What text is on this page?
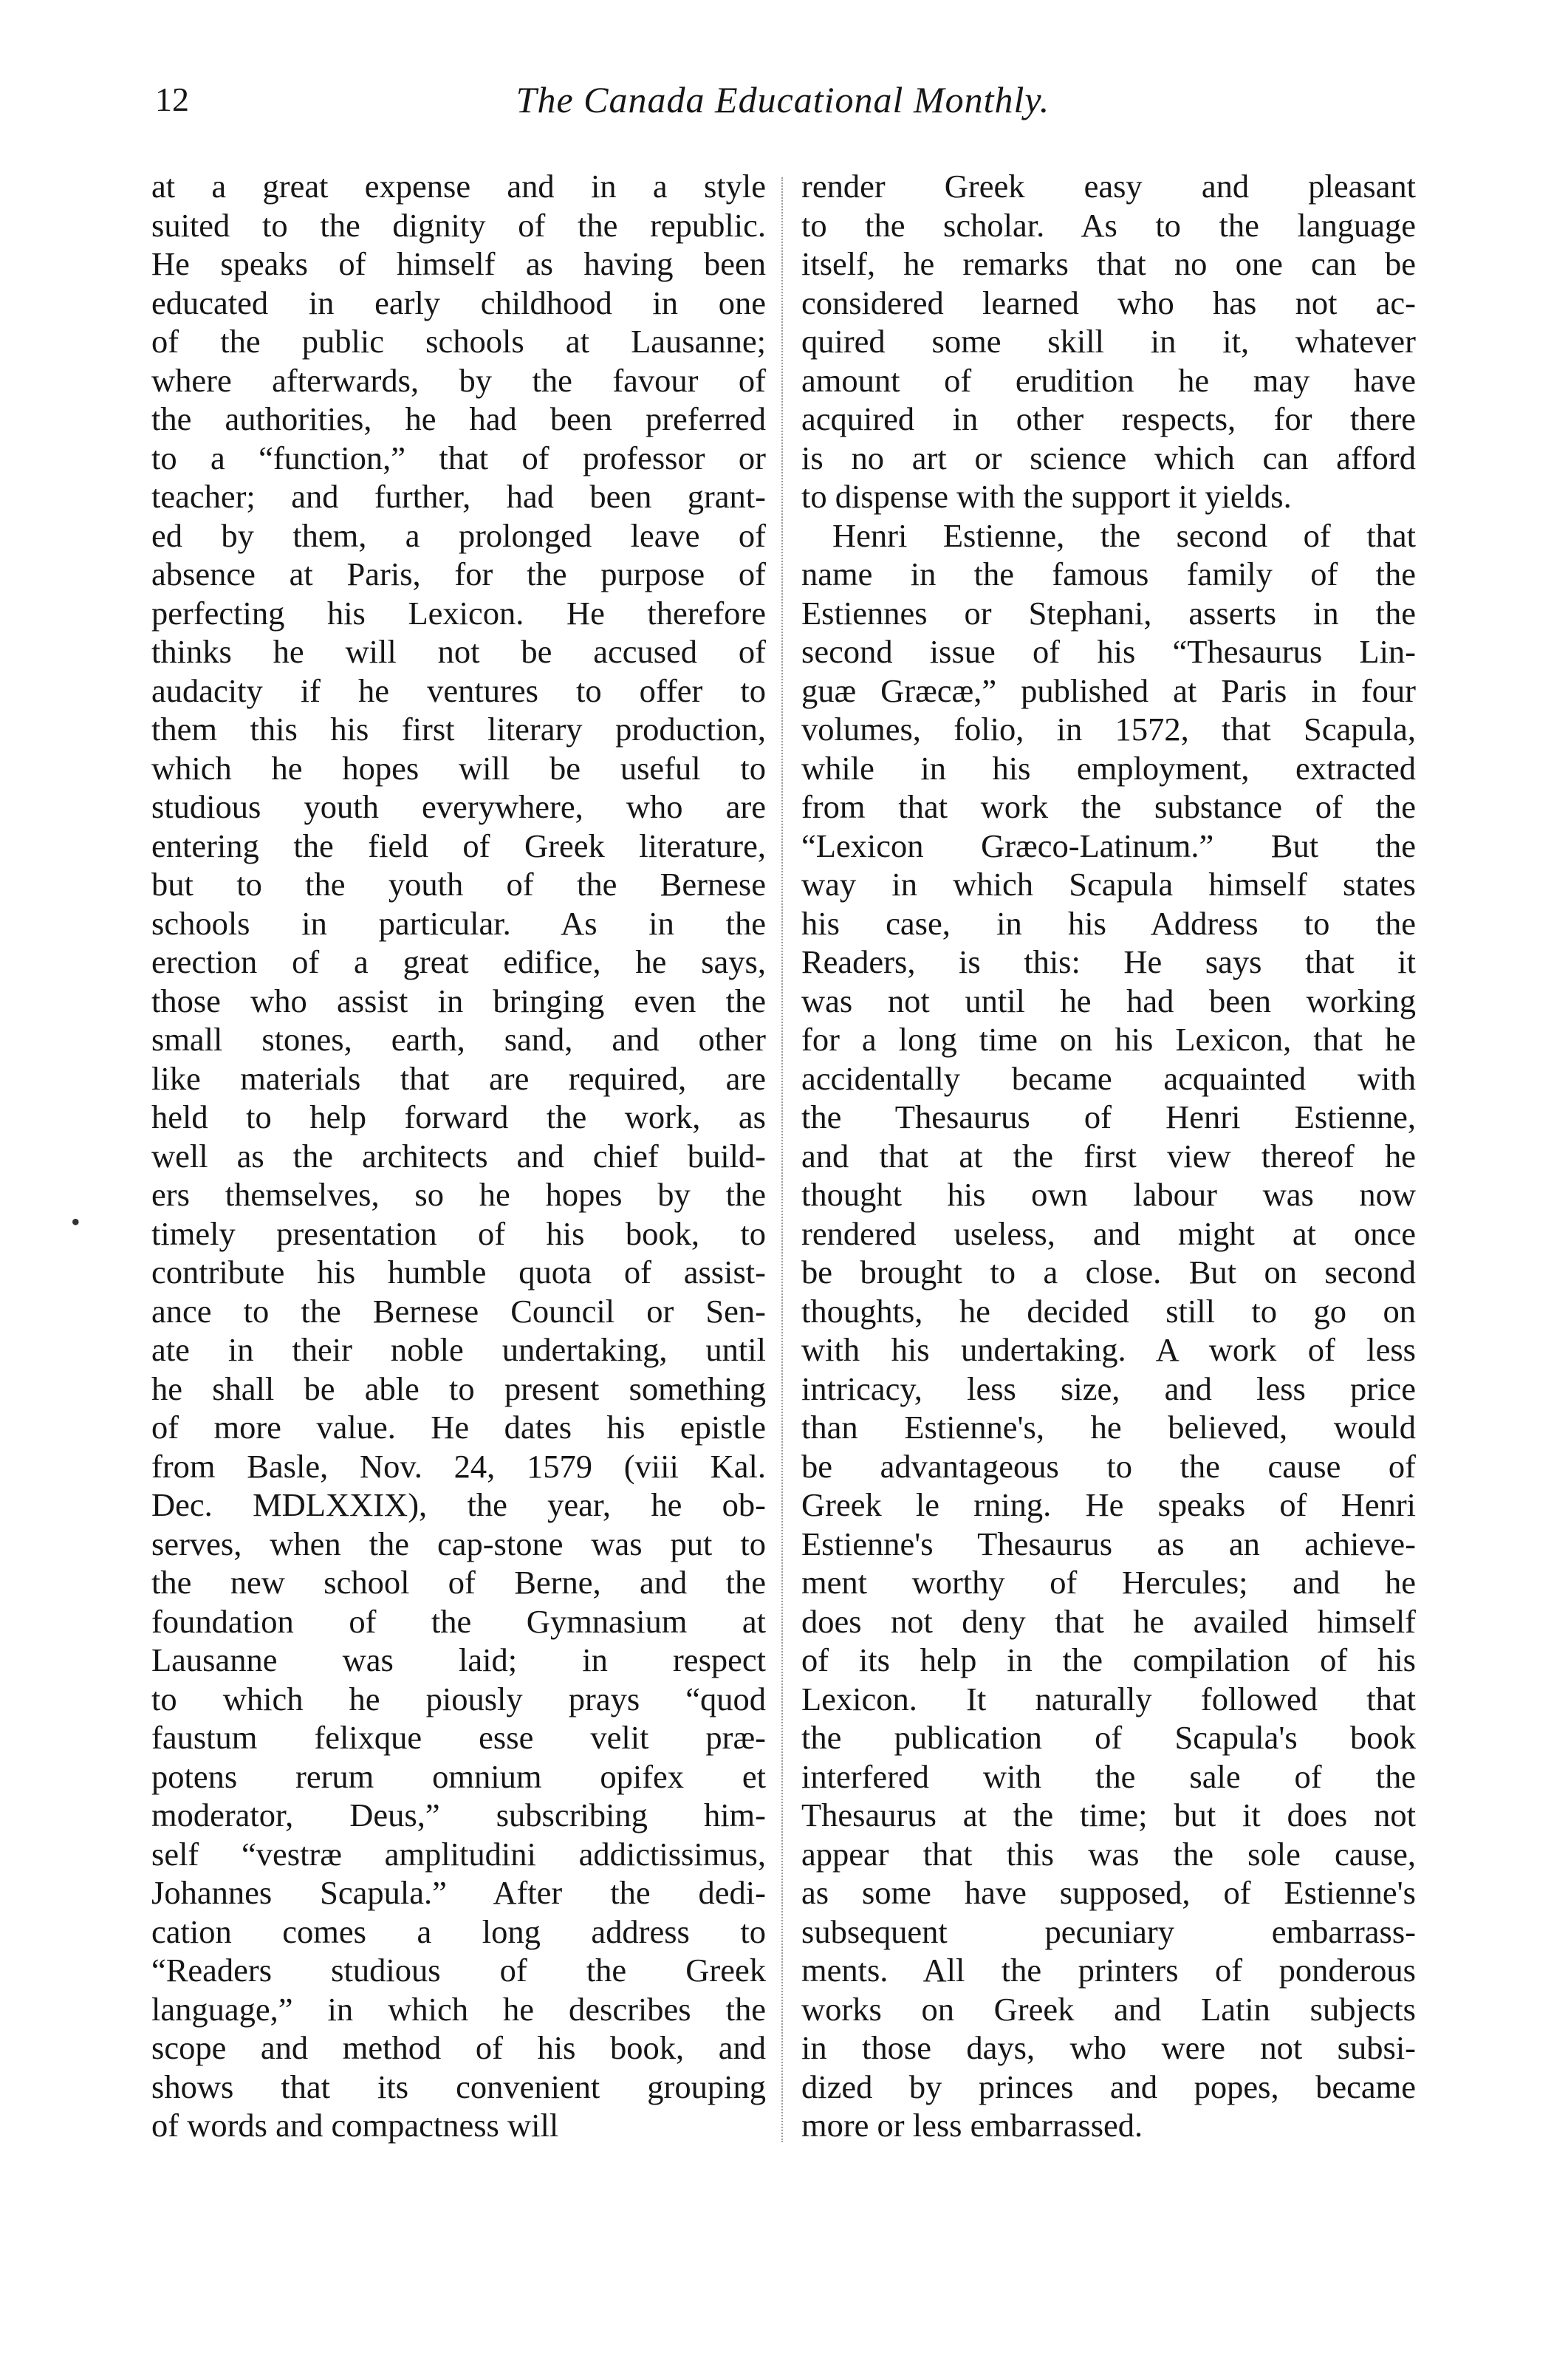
12	The Canada Educational Monthly.
•
at a great expense and in a style
suited to the dignity of the republic.
He speaks of himself as having been
educated in early childhood in one
of the public schools at Lausanne;
where afterwards, by the favour of
the authorities, he had been preferred
to a “function,” that of professor or
teacher; and further, had been grant-
ed by them, a prolonged leave of
absence at Paris, for the purpose of
perfecting his Lexicon. He therefore
thinks he will not be accused of
audacity if he ventures to offer to
them this his first literary production,
which he hopes will be useful to
studious youth everywhere, who are
entering the field of Greek literature,
but to the youth of the Bernese
schools in particular. As in the
erection of a great edifice, he says,
those who assist in bringing even the
small stones, earth, sand, and other
like materials that are required, are
held to help forward the work, as
well as the architects and chief build-
ers themselves, so he hopes by the
timely presentation of his book, to
contribute his humble quota of assist-
ance to the Bernese Council or Sen-
ate in their noble undertaking, until
he shall be able to present something
of more value. He dates his epistle
from Basle, Nov. 24, 1579 (viii Kal.
Dec. MDLXXIX), the year, he ob-
serves, when the cap-stone was put to
the new school of Berne, and the
foundation of the Gymnasium at
Lausanne was laid; in respect
to which he piously prays “quod
faustum felixque esse velit præ-
potens rerum omnium opifex et
moderator, Deus,” subscribing him-
self “vestræ amplitudini addictissimus,
Johannes Scapula.” After the dedi-
cation comes a long address to
“Readers studious of the Greek
language,” in which he describes the
scope and method of his book, and
shows that its convenient grouping
of words and compactness will
render Greek easy and pleasant
to the scholar. As to the language
itself, he remarks that no one can be
considered learned who has not ac-
quired some skill in it, whatever
amount of erudition he may have
acquired in other respects, for there
is no art or science which can afford
to dispense with the support it yields.
Henri Estienne, the second of that
name in the famous family of the
Estiennes or Stephani, asserts in the
second issue of his “Thesaurus Lin-
guæ Græcæ,” published at Paris in four
volumes, folio, in 1572, that Scapula,
while in his employment, extracted
from that work the substance of the
“Lexicon Græco-Latinum.” But the
way in which Scapula himself states
his case, in his Address to the
Readers, is this: He says that it
was not until he had been working
for a long time on his Lexicon, that he
accidentally became acquainted with
the Thesaurus of Henri Estienne,
and that at the first view thereof he
thought his own labour was now
rendered useless, and might at once
be brought to a close. But on second
thoughts, he decided still to go on
with his undertaking. A work of less
intricacy, less size, and less price
than Estienne's, he believed, would
be advantageous to the cause of
Greek le rning. He speaks of Henri
Estienne's Thesaurus as an achieve-
ment worthy of Hercules; and he
does not deny that he availed himself
of its help in the compilation of his
Lexicon. It naturally followed that
the publication of Scapula's book
interfered with the sale of the
Thesaurus at the time; but it does not
appear that this was the sole cause,
as some have supposed, of Estienne's
subsequent pecuniary embarrass-
ments. All the printers of ponderous
works on Greek and Latin subjects
in those days, who were not subsi-
dized by princes and popes, became
more or less embarrassed.
